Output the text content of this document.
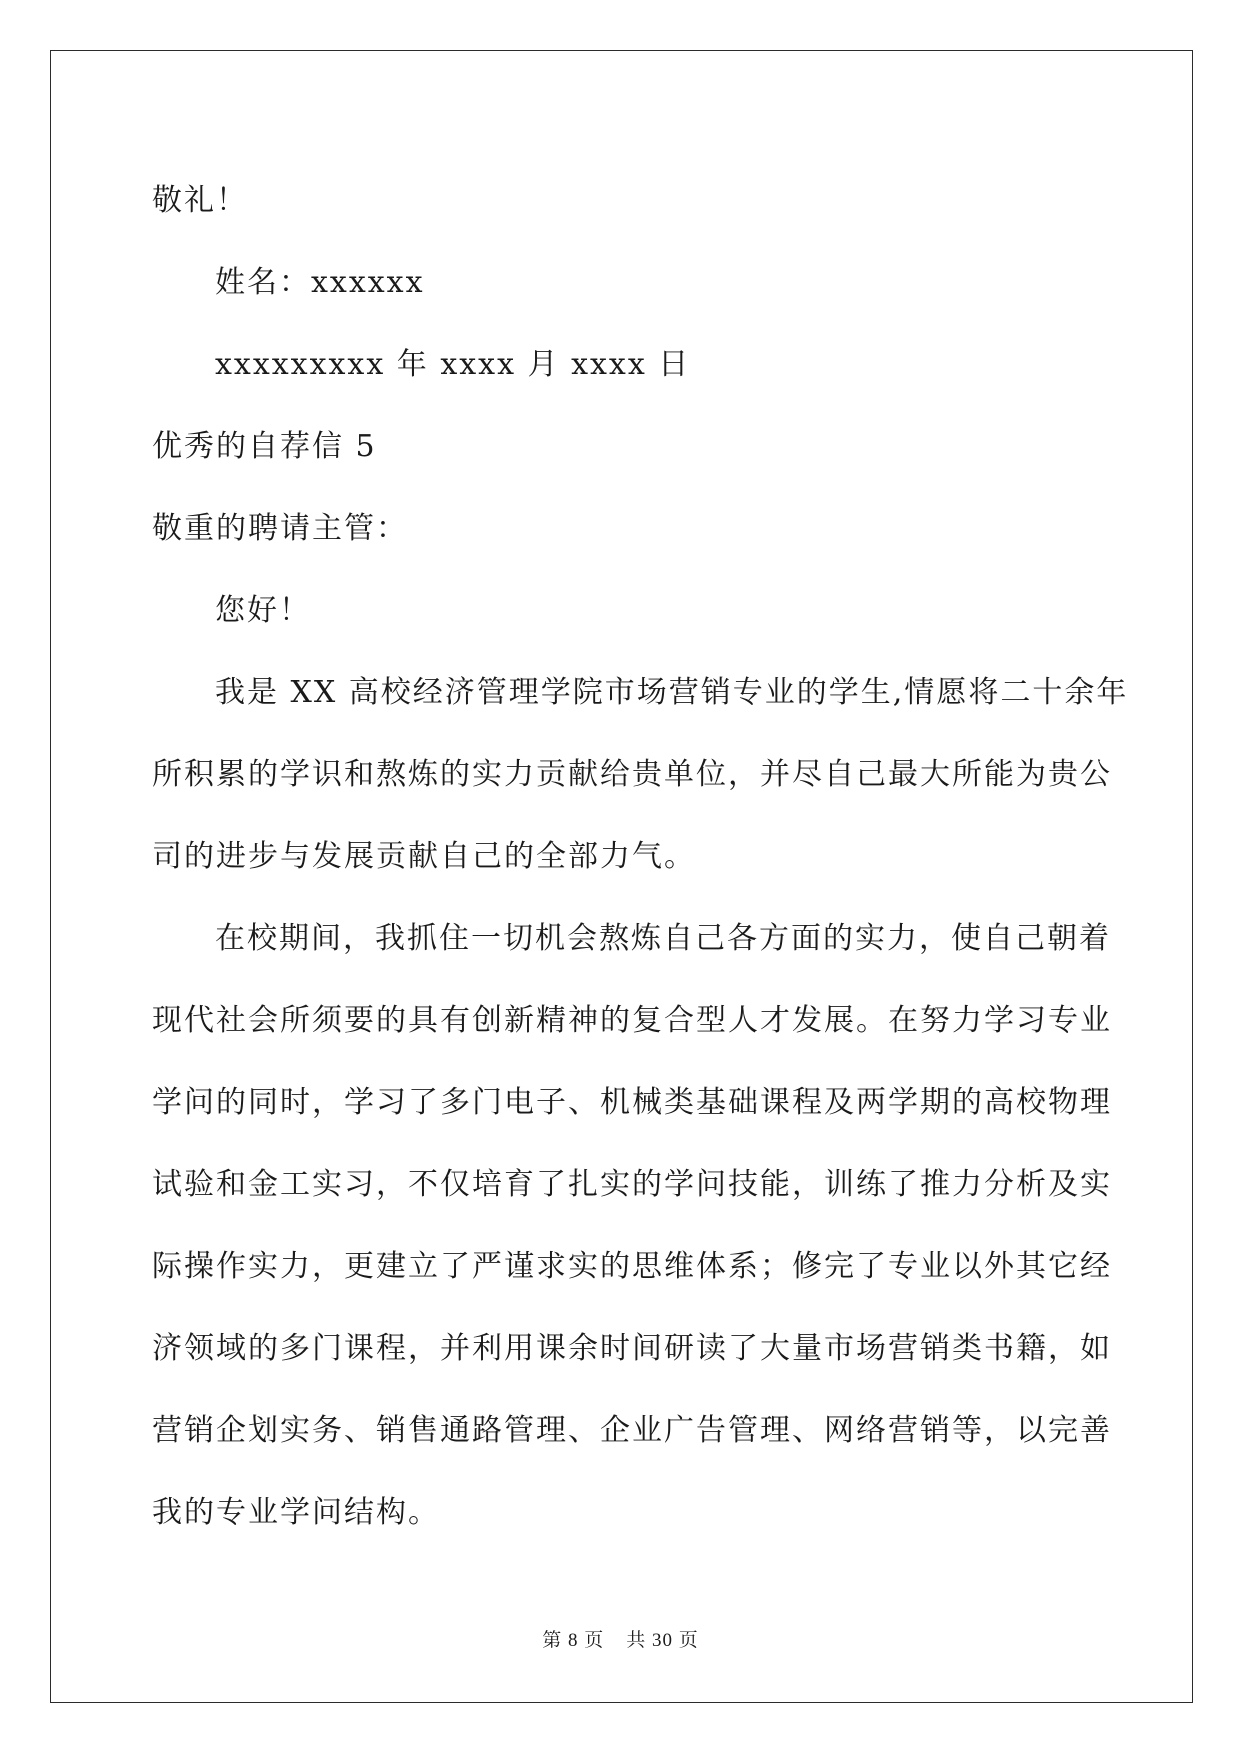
敬礼！
姓名：xxxxxx
xxxxxxxxx 年 xxxx 月 xxxx 日
优秀的自荐信 5
敬重的聘请主管：
您好！
我是 XX 高校经济管理学院市场营销专业的学生,情愿将二十余年
所积累的学识和熬炼的实力贡献给贵单位，并尽自己最大所能为贵公
司的进步与发展贡献自己的全部力气。
在校期间，我抓住一切机会熬炼自己各方面的实力，使自己朝着
现代社会所须要的具有创新精神的复合型人才发展。在努力学习专业
学问的同时，学习了多门电子、机械类基础课程及两学期的高校物理
试验和金工实习，不仅培育了扎实的学问技能，训练了推力分析及实
际操作实力，更建立了严谨求实的思维体系；修完了专业以外其它经
济领域的多门课程，并利用课余时间研读了大量市场营销类书籍，如
营销企划实务、销售通路管理、企业广告管理、网络营销等，以完善
我的专业学问结构。
第 8 页 共 30 页
